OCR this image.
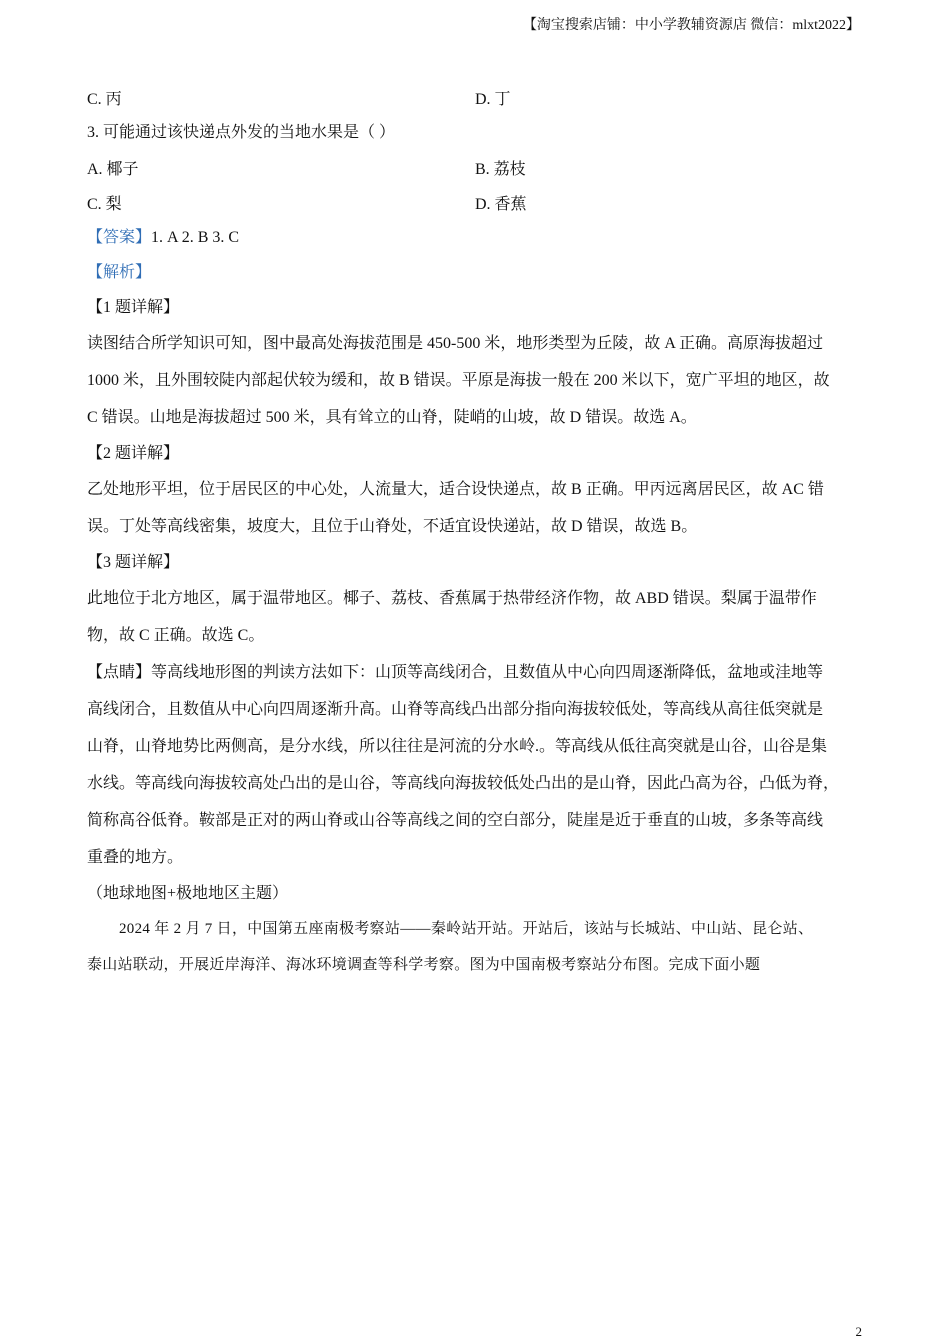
【淘宝搜索店铺：中小学教辅资源店 微信：mlxt2022】
C. 丙	D. 丁
3. 可能通过该快递点外发的当地水果是（ ）
A. 椰子	B. 荔枝
C. 梨	D. 香蕉
【答案】1. A 2. B 3. C
【解析】
【1 题详解】
读图结合所学知识可知，图中最高处海拔范围是 450-500 米，地形类型为丘陵，故 A 正确。高原海拔超过
1000 米，且外围较陡内部起伏较为缓和，故 B 错误。平原是海拔一般在 200 米以下，宽广平坦的地区，故
C 错误。山地是海拔超过 500 米，具有耸立的山脊，陡峭的山坡，故 D 错误。故选 A。
【2 题详解】
乙处地形平坦，位于居民区的中心处，人流量大，适合设快递点，故 B 正确。甲丙远离居民区，故 AC 错
误。丁处等高线密集，坡度大，且位于山脊处，不适宜设快递站，故 D 错误，故选 B。
【3 题详解】
此地位于北方地区，属于温带地区。椰子、荔枝、香蕉属于热带经济作物，故 ABD 错误。梨属于温带作
物，故 C 正确。故选 C。
【点睛】等高线地形图的判读方法如下：山顶等高线闭合，且数值从中心向四周逐渐降低，盆地或洼地等
高线闭合，且数值从中心向四周逐渐升高。山脊等高线凸出部分指向海拔较低处，等高线从高往低突就是
山脊，山脊地势比两侧高，是分水线，所以往往是河流的分水岭.。等高线从低往高突就是山谷，山谷是集
水线。等高线向海拔较高处凸出的是山谷，等高线向海拔较低处凸出的是山脊，因此凸高为谷，凸低为脊，
简称高谷低脊。鞍部是正对的两山脊或山谷等高线之间的空白部分，陡崖是近于垂直的山坡，多条等高线
重叠的地方。
（地球地图+极地地区主题）
2024 年 2 月 7 日，中国第五座南极考察站——秦岭站开站。开站后，该站与长城站、中山站、昆仑站、
泰山站联动，开展近岸海洋、海冰环境调查等科学考察。图为中国南极考察站分布图。完成下面小题
2
